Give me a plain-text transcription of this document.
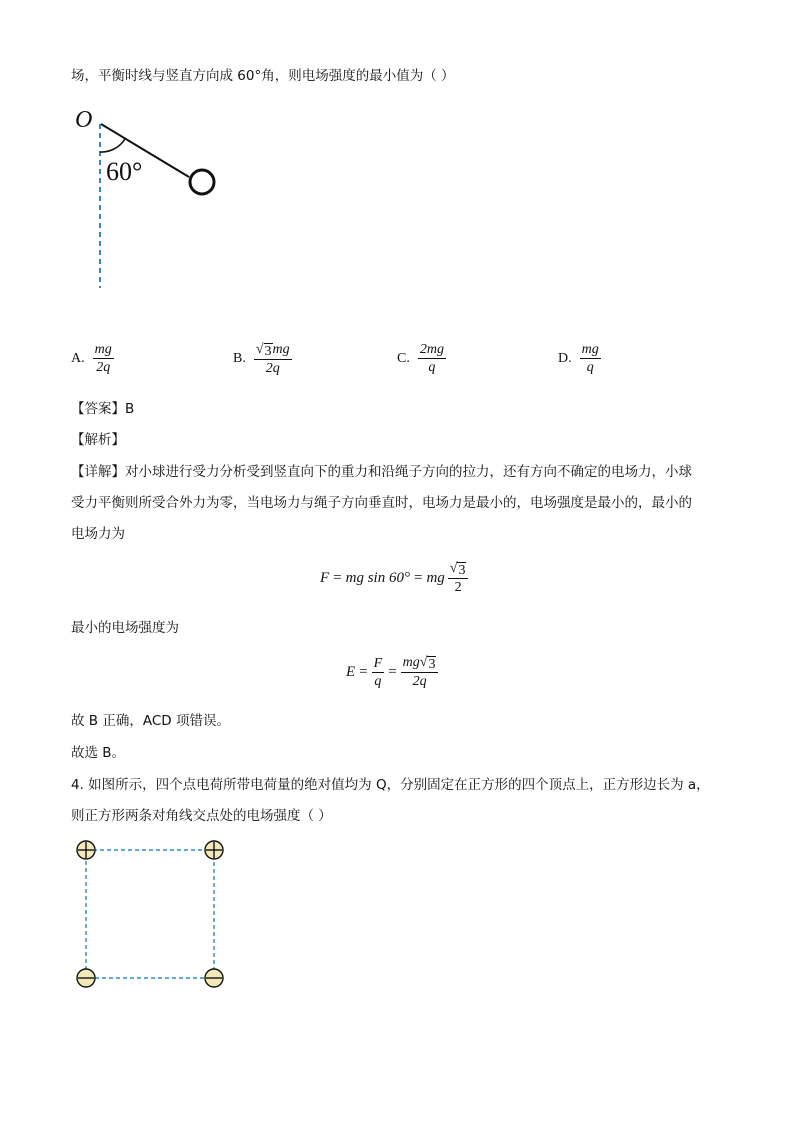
场，平衡时线与竖直方向成 60°角，则电场强度的最小值为（ ）
O
60°
A. $\frac{mg}{2q}$	B. $\frac{√ 3 mg}{2q}$	C. $\frac{2mg}{q}$	D. $\frac{mg}{q}$
【答案】B
【解析】
【详解】对小球进行受力分析受到竖直向下的重力和沿绳子方向的拉力，还有方向不确定的电场力，小球
受力平衡则所受合外力为零，当电场力与绳子方向垂直时，电场力是最小的，电场强度是最小的，最小的
电场力为
F = mg sin 60° = mg $\frac{√ 3}{2}$
最小的电场强度为
$E = \frac{F}{q} = \frac{mg √ 3}{2q}$
故 B 正确，ACD 项错误。
故选 B。
4. 如图所示，四个点电荷所带电荷量的绝对值均为 Q，分别固定在正方形的四个顶点上，正方形边长为 a，
则正方形两条对角线交点处的电场强度（ ）
